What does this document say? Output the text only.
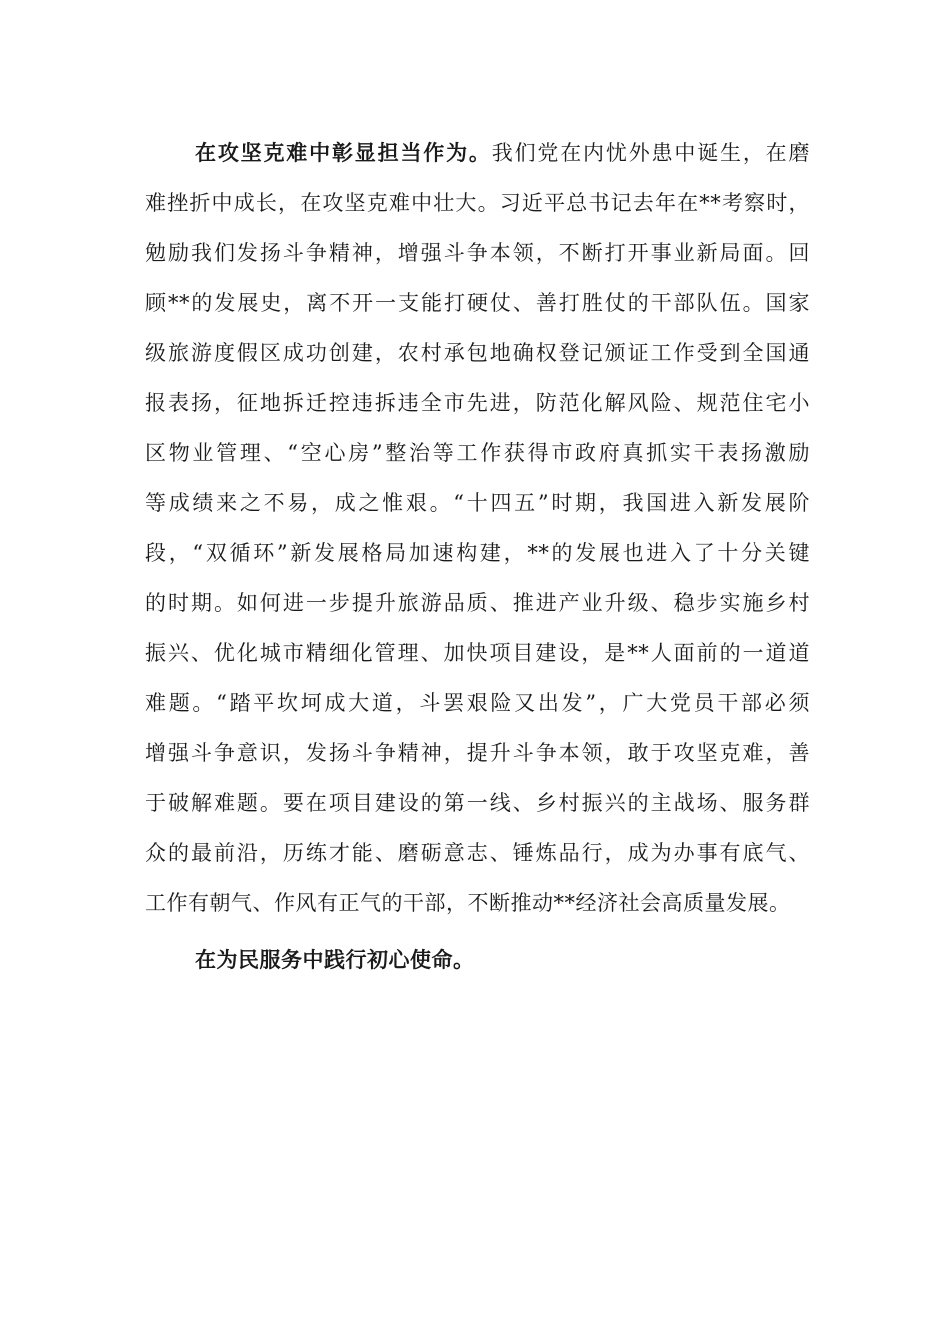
在攻坚克难中彰显担当作为。我们党在内忧外患中诞生，在磨
难挫折中成长，在攻坚克难中壮大。习近平总书记去年在**考察时，
勉励我们发扬斗争精神，增强斗争本领，不断打开事业新局面。回
顾**的发展史，离不开一支能打硬仗、善打胜仗的干部队伍。国家
级旅游度假区成功创建，农村承包地确权登记颁证工作受到全国通
报表扬，征地拆迁控违拆违全市先进，防范化解风险、规范住宅小
区物业管理、“空心房”整治等工作获得市政府真抓实干表扬激励
等成绩来之不易，成之惟艰。“十四五”时期，我国进入新发展阶
段，“双循环”新发展格局加速构建，**的发展也进入了十分关键
的时期。如何进一步提升旅游品质、推进产业升级、稳步实施乡村
振兴、优化城市精细化管理、加快项目建设，是**人面前的一道道
难题。“踏平坎坷成大道，斗罢艰险又出发”，广大党员干部必须
增强斗争意识，发扬斗争精神，提升斗争本领，敢于攻坚克难，善
于破解难题。要在项目建设的第一线、乡村振兴的主战场、服务群
众的最前沿，历练才能、磨砺意志、锤炼品行，成为办事有底气、
工作有朝气、作风有正气的干部，不断推动**经济社会高质量发展。
在为民服务中践行初心使命。
